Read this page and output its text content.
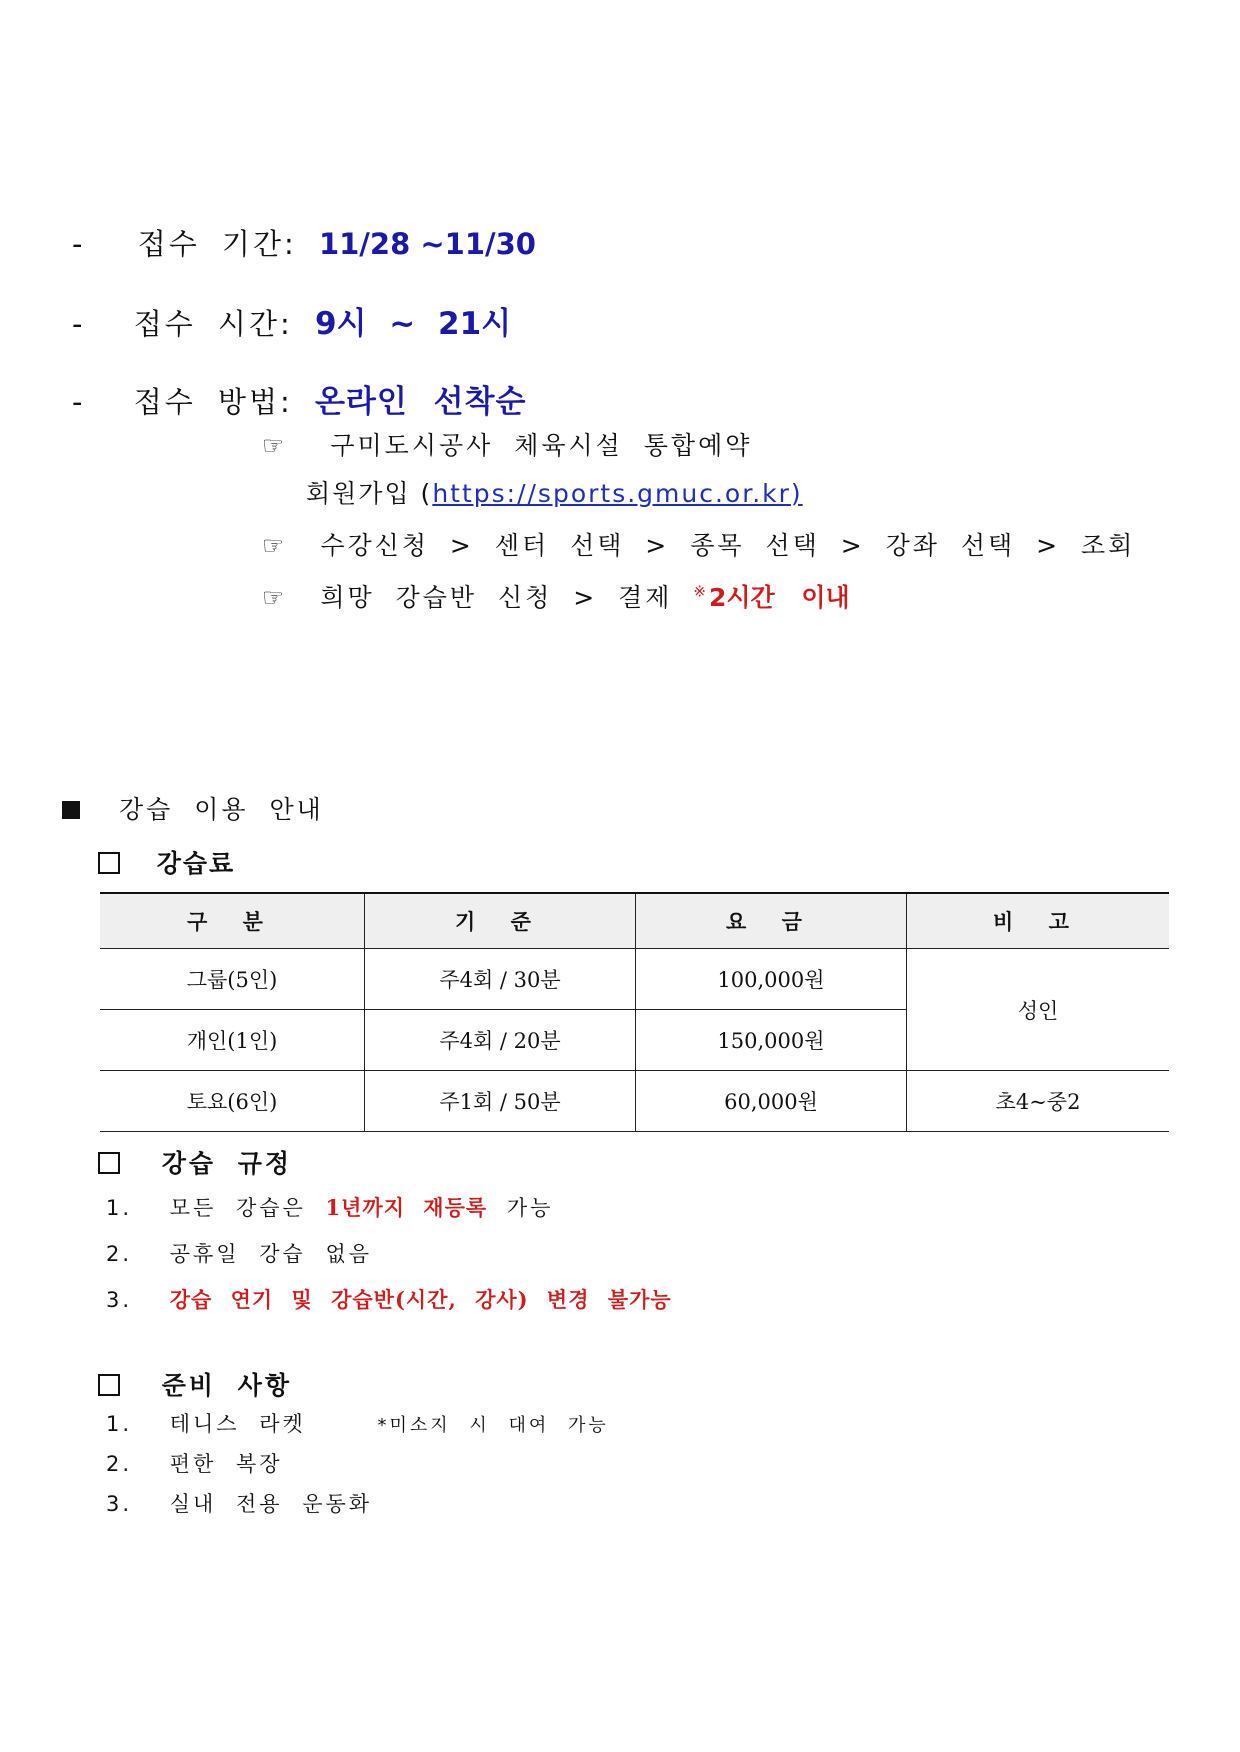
- 접수 기간: 11/28 ~11/30
- 접수 시간: 9시 ~ 21시
- 접수 방법: 온라인 선착순
☞ 구미도시공사 체육시설 통합예약
회원가입 (https://sports.gmuc.or.kr)
☞ 수강신청 > 센터 선택 > 종목 선택 > 강좌 선택 > 조회
☞ 희망 강습반 신청 > 결제 ※2시간 이내
강습 이용 안내
강습료
구 분	기 준	요 금	비 고
그룹(5인)	주4회 / 30분	100,000원	성인
개인(1인)	주4회 / 20분	150,000원	
토요(6인)	주1회 / 50분	60,000원	초4~중2
강습 규정
1. 모든 강습은 1년까지 재등록 가능
2. 공휴일 강습 없음
3. 강습 연기 및 강습반(시간, 강사) 변경 불가능
준비 사항
1. 테니스 라켓	*미소지 시 대여 가능
2. 편한 복장
3. 실내 전용 운동화
